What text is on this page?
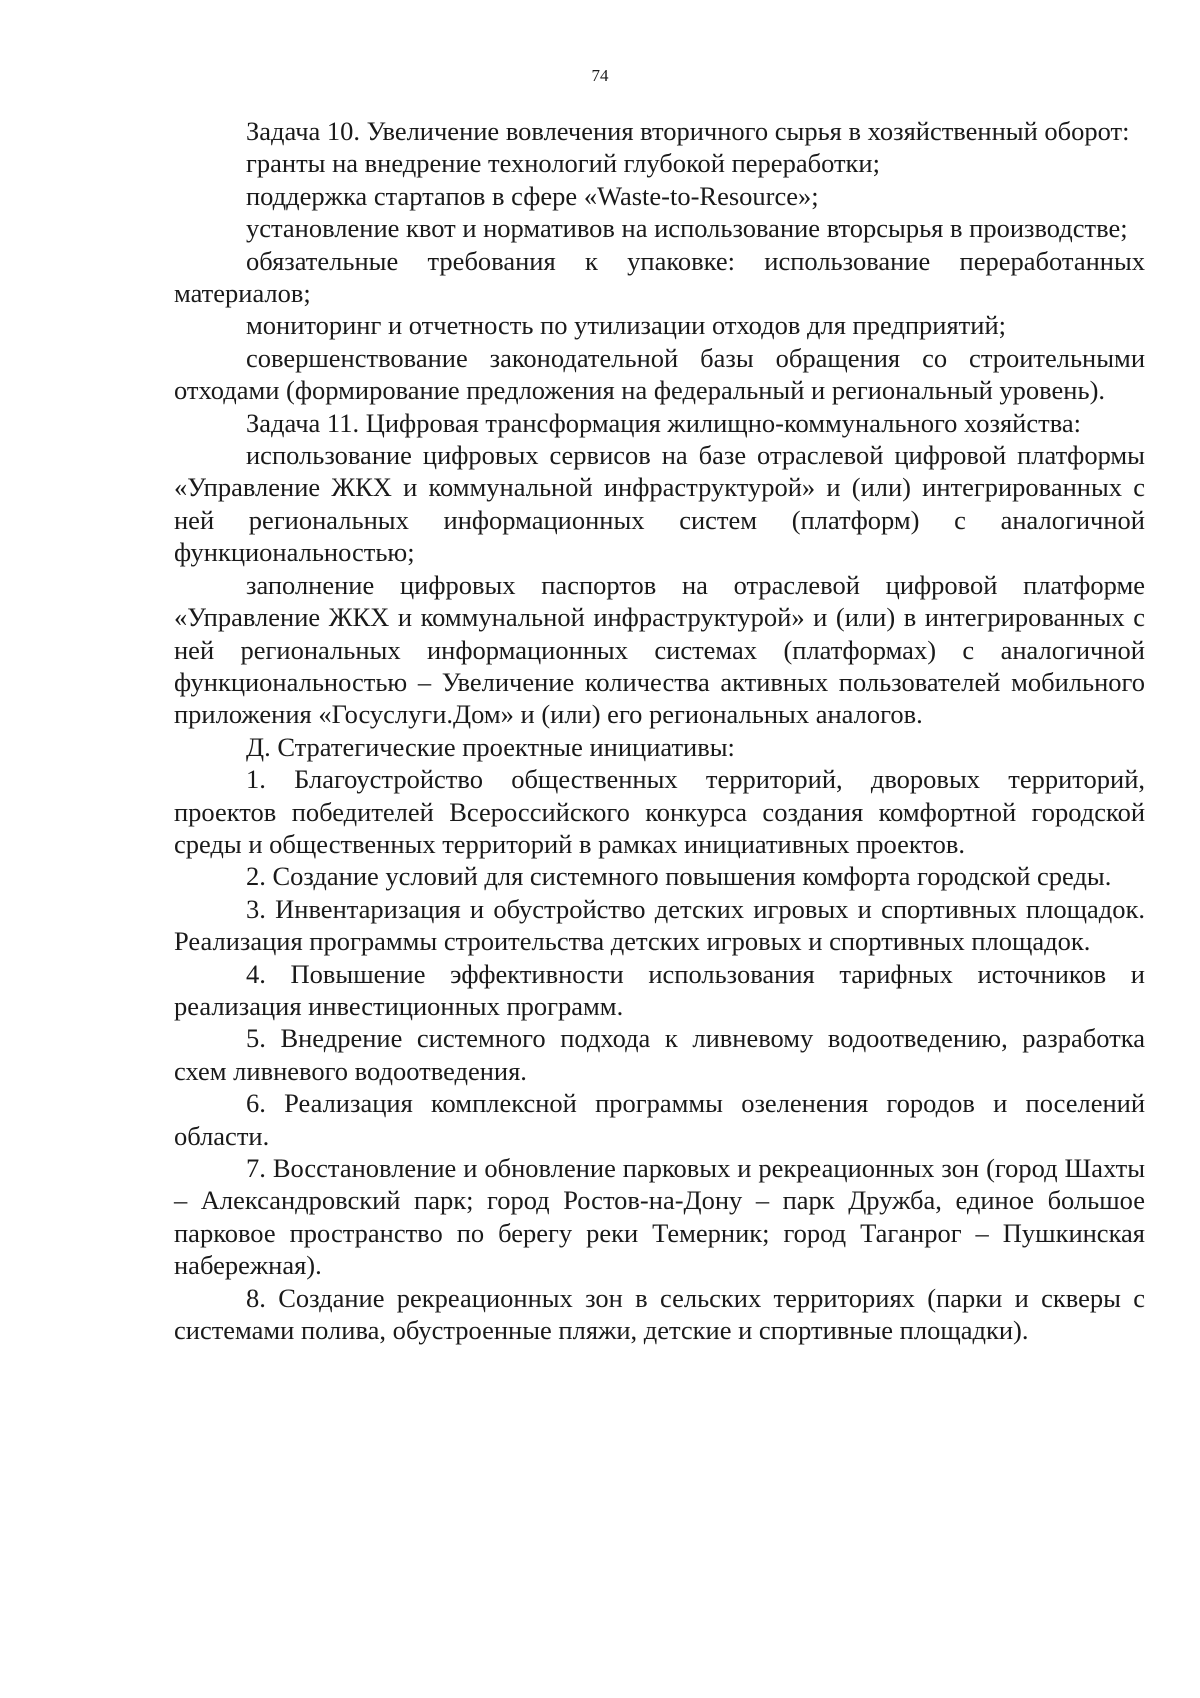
74

Задача 10. Увеличение вовлечения вторичного сырья в хозяйственный оборот:

гранты на внедрение технологий глубокой переработки;

поддержка стартапов в сфере «Waste-to-Resource»;

установление квот и нормативов на использование вторсырья в производстве;

обязательные требования к упаковке: использование переработанных материалов;

мониторинг и отчетность по утилизации отходов для предприятий;

совершенствование законодательной базы обращения со строительными отходами (формирование предложения на федеральный и региональный уровень).

Задача 11. Цифровая трансформация жилищно-коммунального хозяйства:

использование цифровых сервисов на базе отраслевой цифровой платформы «Управление ЖКХ и коммунальной инфраструктурой» и (или) интегрированных с ней региональных информационных систем (платформ) с аналогичной функциональностью;

заполнение цифровых паспортов на отраслевой цифровой платформе «Управление ЖКХ и коммунальной инфраструктурой» и (или) в интегрированных с ней региональных информационных системах (платформах) с аналогичной функциональностью – Увеличение количества активных пользователей мобильного приложения «Госуслуги.Дом» и (или) его региональных аналогов.

Д. Стратегические проектные инициативы:

1. Благоустройство общественных территорий, дворовых территорий, проектов победителей Всероссийского конкурса создания комфортной городской среды и общественных территорий в рамках инициативных проектов.

2. Создание условий для системного повышения комфорта городской среды.

3. Инвентаризация и обустройство детских игровых и спортивных площадок. Реализация программы строительства детских игровых и спортивных площадок.

4. Повышение эффективности использования тарифных источников и реализация инвестиционных программ.

5. Внедрение системного подхода к ливневому водоотведению, разработка схем ливневого водоотведения.

6. Реализация комплексной программы озеленения городов и поселений области.

7. Восстановление и обновление парковых и рекреационных зон (город Шахты – Александровский парк; город Ростов-на-Дону – парк Дружба, единое большое парковое пространство по берегу реки Темерник; город Таганрог – Пушкинская набережная).

8. Создание рекреационных зон в сельских территориях (парки и скверы с системами полива, обустроенные пляжи, детские и спортивные площадки).
